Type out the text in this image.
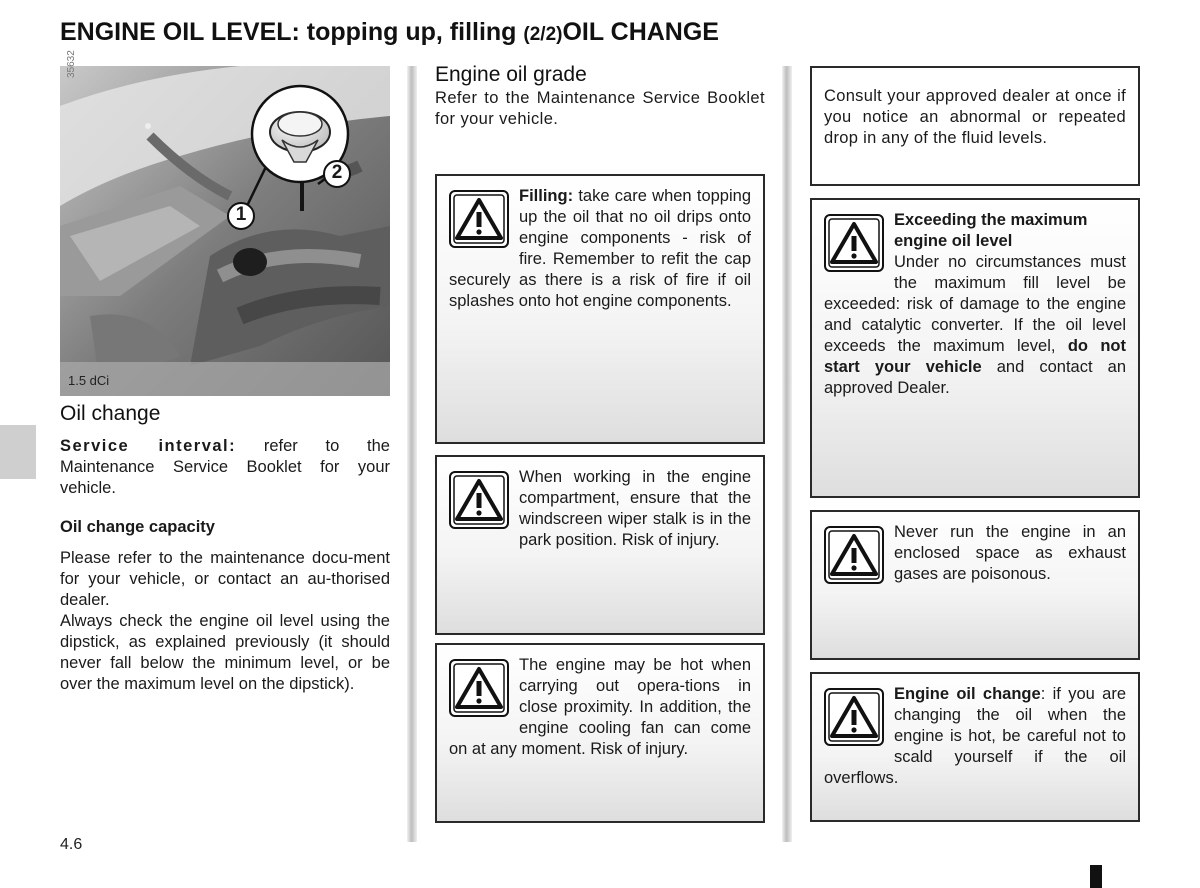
ENGINE OIL LEVEL: topping up, filling (2/2)OIL CHANGE
1
2
35632
1.5 dCi
Oil change
Service interval: refer to the Maintenance Service Booklet for your vehicle.
Oil change capacity
Please refer to the maintenance docu-ment for your vehicle, or contact an au-thorised dealer.
Always check the engine oil level using the dipstick, as explained previously (it should never fall below the minimum level, or be over the maximum level on the dipstick).
Engine oil grade
Refer to the Maintenance Service Booklet for your vehicle.
Filling: take care when topping up the oil that no oil drips onto engine components - risk of fire. Remember to refit the cap securely as there is a risk of fire if oil splashes onto hot engine components.
When working in the engine compartment, ensure that the windscreen wiper stalk is in the park position. Risk of injury.
The engine may be hot when carrying out opera-tions in close proximity. In addition, the engine cooling fan can come on at any moment. Risk of injury.
Consult your approved dealer at once if you notice an abnormal or repeated drop in any of the fluid levels.
Exceeding the maximum engine oil level
Under no circumstances must the maximum fill level be exceeded: risk of damage to the engine and catalytic converter. If the oil level exceeds the maximum level, do not start your vehicle and contact an approved Dealer.
Never run the engine in an enclosed space as exhaust gases are poisonous.
Engine oil change: if you are changing the oil when the engine is hot, be careful not to scald yourself if the oil overflows.
4.6
